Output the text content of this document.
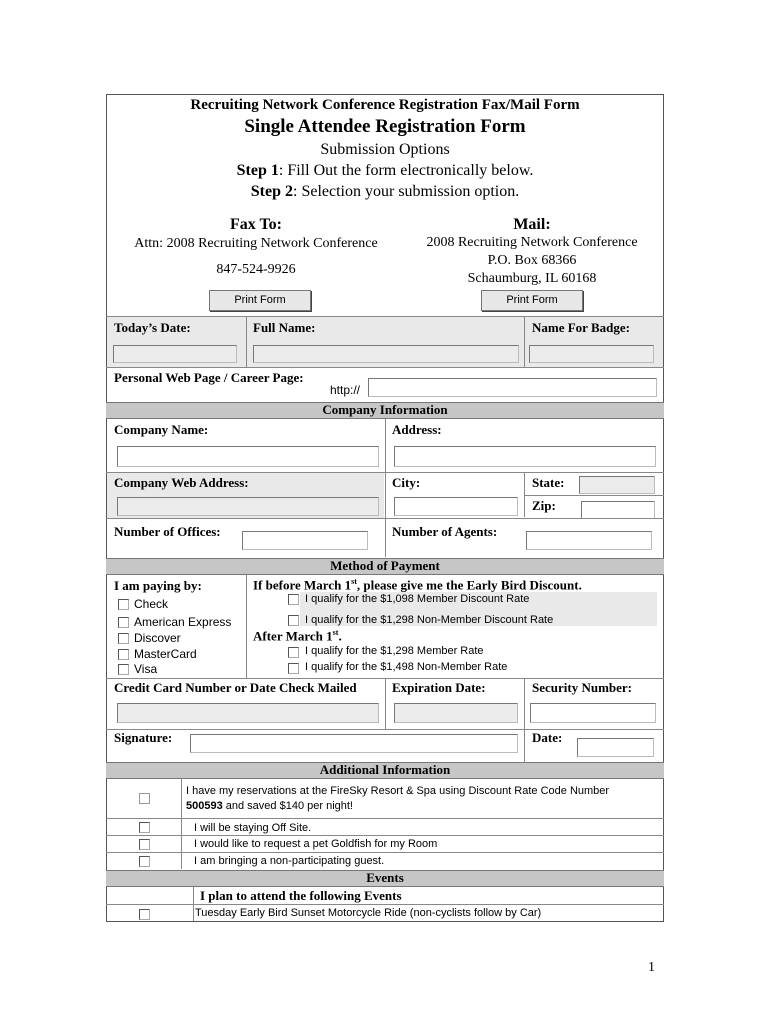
Recruiting Network Conference Registration Fax/Mail Form
Single Attendee Registration Form
Submission Options
Step 1: Fill Out the form electronically below.
Step 2: Selection your submission option.
Fax To:
Attn: 2008 Recruiting Network Conference
847-524-9926
Mail:
2008 Recruiting Network Conference
P.O. Box 68366
Schaumburg, IL 60168
Print Form	Print Form
Today’s Date:	Full Name:	Name For Badge:
Personal Web Page / Career Page:
http://
Company Information
Company Name:	Address:
Company Web Address:	City:	State:
Zip:
Number of Offices:	Number of Agents:
Method of Payment
I am paying by:
Check
American Express
Discover
MasterCard
Visa
If before March 1st, please give me the Early Bird Discount.
I qualify for the $1,098 Member Discount Rate
I qualify for the $1,298 Non-Member Discount Rate
After March 1st.
I qualify for the $1,298 Member Rate
I qualify for the $1,498 Non-Member Rate
Credit Card Number or Date Check Mailed	Expiration Date:	Security Number:
Signature:	Date:
Additional Information
I have my reservations at the FireSky Resort & Spa using Discount Rate Code Number
500593 and saved $140 per night!
I will be staying Off Site.
I would like to request a pet Goldfish for my Room
I am bringing a non-participating guest.
Events
I plan to attend the following Events
Tuesday Early Bird Sunset Motorcycle Ride (non-cyclists follow by Car)
1
